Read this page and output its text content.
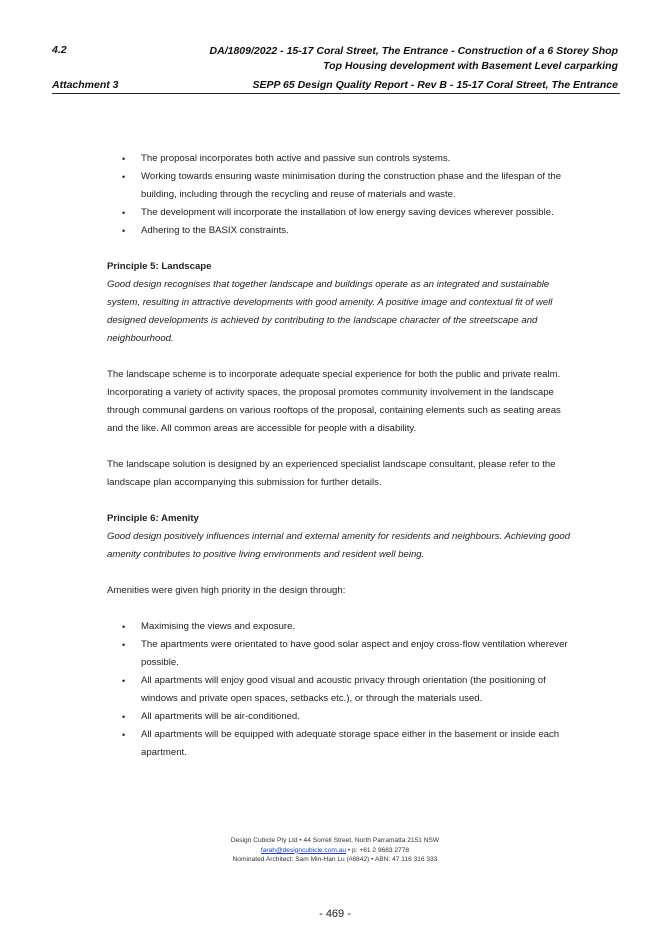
4.2	DA/1809/2022 - 15-17 Coral Street, The Entrance - Construction of a 6 Storey Shop
Top Housing development with Basement Level carparking
Attachment 3	SEPP 65 Design Quality Report - Rev B - 15-17 Coral Street, The Entrance
• The proposal incorporates both active and passive sun controls systems.
• Working towards ensuring waste minimisation during the construction phase and the lifespan of the building, including through the recycling and reuse of materials and waste.
• The development will incorporate the installation of low energy saving devices wherever possible.
• Adhering to the BASIX constraints.

Principle 5: Landscape

Good design recognises that together landscape and buildings operate as an integrated and sustainable system, resulting in attractive developments with good amenity. A positive image and contextual fit of well designed developments is achieved by contributing to the landscape character of the streetscape and neighbourhood.

The landscape scheme is to incorporate adequate special experience for both the public and private realm. Incorporating a variety of activity spaces, the proposal promotes community involvement in the landscape through communal gardens on various rooftops of the proposal, containing elements such as seating areas and the like. All common areas are accessible for people with a disability.

The landscape solution is designed by an experienced specialist landscape consultant, please refer to the landscape plan accompanying this submission for further details.

Principle 6: Amenity

Good design positively influences internal and external amenity for residents and neighbours. Achieving good amenity contributes to positive living environments and resident well being.

Amenities were given high priority in the design through:

• Maximising the views and exposure.
• The apartments were orientated to have good solar aspect and enjoy cross-flow ventilation wherever possible.
• All apartments will enjoy good visual and acoustic privacy through orientation (the positioning of windows and private open spaces, setbacks etc.), or through the materials used.
• All apartments will be air-conditioned.
• All apartments will be equipped with adequate storage space either in the basement or inside each apartment.
Design Cubicle Pty Ltd • 44 Sorrell Street, North Parramatta 2151 NSW
farah@designcubicle.com.au • p: +61 2 9683 2778
Nominated Architect: Sam Min-Han Lu (#8842) • ABN: 47 116 316 333
- 469 -
